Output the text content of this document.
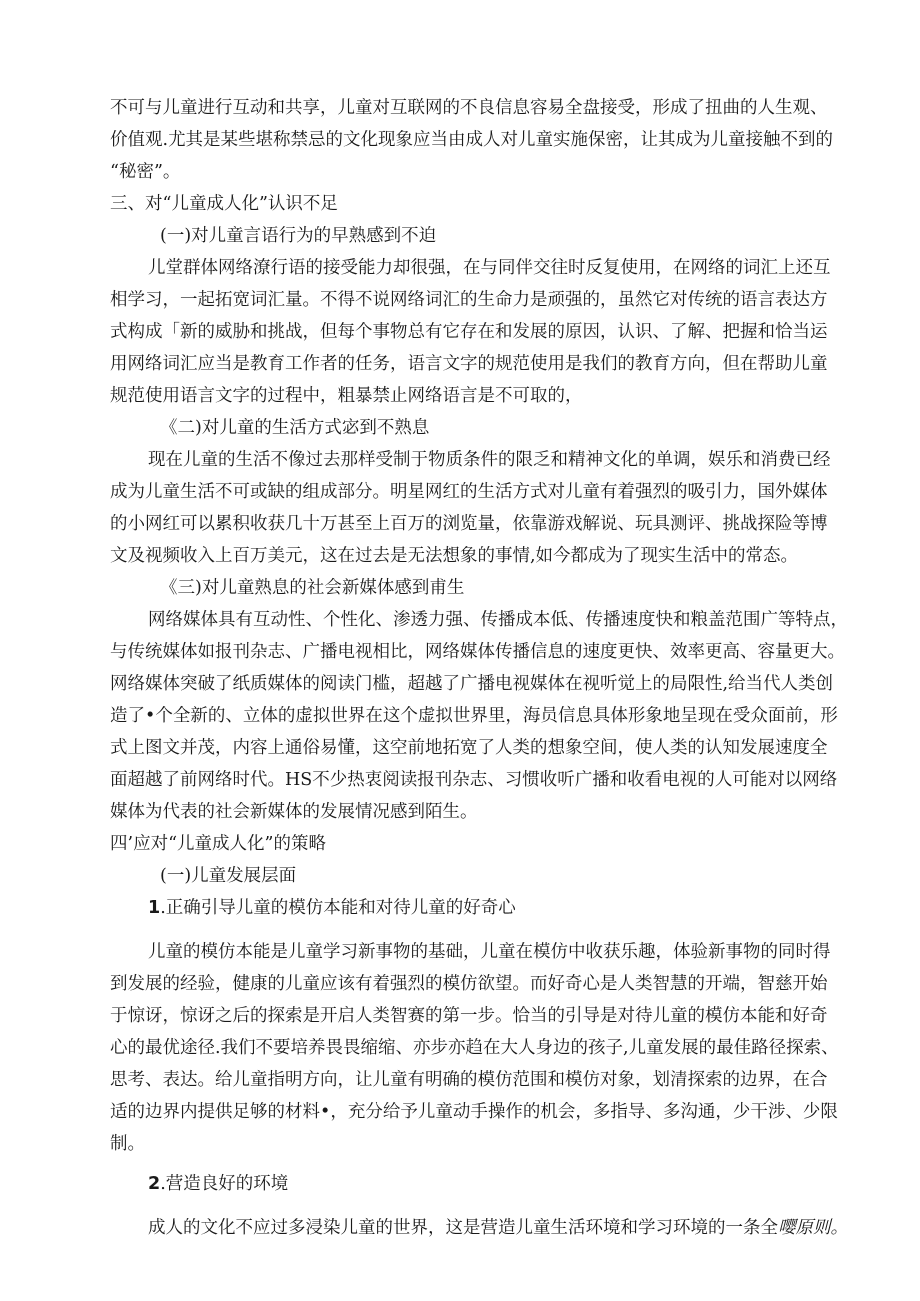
不可与儿童进行互动和共享，儿童对互联网的不良信息容易全盘接受，形成了扭曲的人生观、
价值观.尤其是某些堪称禁忌的文化现象应当由成人对儿童实施保密，让其成为儿童接触不到的
“秘密”。
三、对“儿童成人化”认识不足
(一)对儿童言语行为的早熟感到不迫
儿堂群体网络潦行语的接受能力却很强，在与同伴交往时反复使用，在网络的词汇上还互
相学习，一起拓宽词汇量。不得不说网络词汇的生命力是顽强的，虽然它对传统的语言表达方
式构成「新的威胁和挑战，但每个事物总有它存在和发展的原因，认识、了解、把握和恰当运
用网络词汇应当是教育工作者的任务，语言文字的规范使用是我们的教育方向，但在帮助儿童
规范使用语言文字的过程中，粗暴禁止网络语言是不可取的，
《二)对儿童的生活方式宓到不熟息
现在儿童的生活不像过去那样受制于物质条件的限乏和精神文化的单调，娱乐和消费已经
成为儿童生活不可或缺的组成部分。明星网红的生活方式对儿童有着强烈的吸引力，国外媒体
的小网红可以累积收获几十万甚至上百万的浏览量，依靠游戏解说、玩具测评、挑战探险等博
文及视频收入上百万美元，这在过去是无法想象的事情,如今都成为了现实生活中的常态。
《三)对儿童熟息的社会新媒体感到甫生
网络媒体具有互动性、个性化、渗透力强、传播成本低、传播速度快和粮盖范围广等特点，
与传统媒体如报刊杂志、广播电视相比，网络媒体传播信息的速度更快、效率更高、容量更大。
网络媒体突破了纸质媒体的阅读门槛，超越了广播电视媒体在视听觉上的局限性,给当代人类创
造了•个全新的、立体的虚拟世界在这个虚拟世界里，海员信息具体形象地呈现在受众面前，形
式上图文并茂，内容上通俗易懂，这空前地拓宽了人类的想象空间，使人类的认知发展速度全
面超越了前网络时代。HS不少热衷阅读报刊杂志、习惯收听广播和收看电视的人可能对以网络
媒体为代表的社会新媒体的发展情况感到陌生。
四’应对“儿童成人化”的策略
(一)儿童发展层面
1.正确引导儿童的模仿本能和对待儿童的好奇心
儿童的模仿本能是儿童学习新事物的基础，儿童在模仿中收获乐趣，体验新事物的同时得
到发展的经验，健康的儿童应该有着强烈的模仿欲望。而好奇心是人类智慧的开端，智慈开始
于惊讶，惊讶之后的探索是开启人类智赛的第一步。恰当的引导是对待儿童的模仿本能和好奇
心的最优途径.我们不要培养畏畏缩缩、亦步亦趋在大人身边的孩子,儿童发展的最佳路径探索、
思考、表达。给儿童指明方向，让儿童有明确的模仿范围和模仿对象，划清探索的边界，在合
适的边界内提供足够的材料•，充分给予儿童动手操作的机会，多指导、多沟通，少干涉、少限
制。
2.营造良好的环境
成人的文化不应过多浸染儿童的世界，这是营造儿童生活环境和学习环境的一条全嘤原则。
